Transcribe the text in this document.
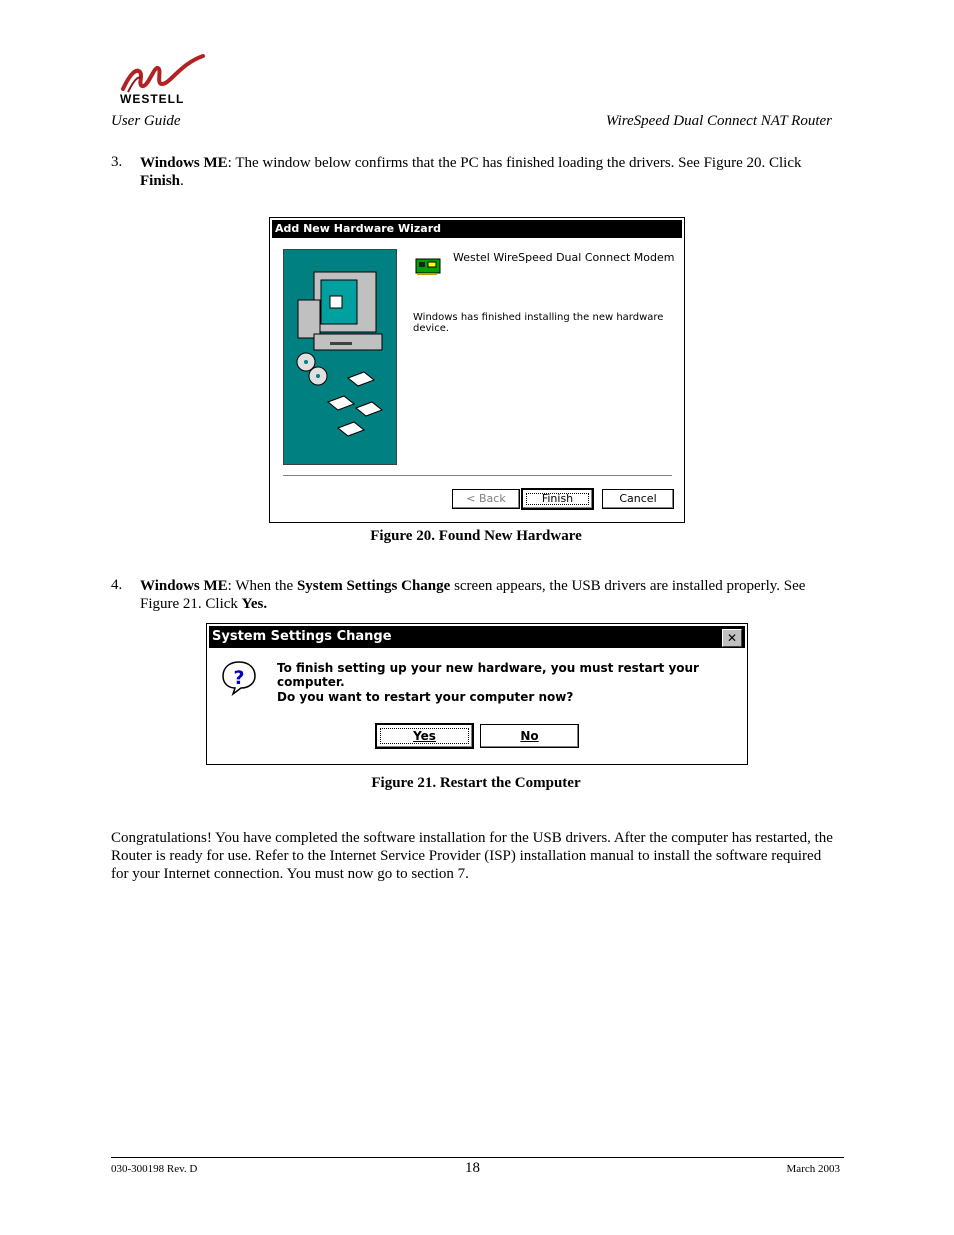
WESTELL
User Guide	WireSpeed Dual Connect NAT Router
3. Windows ME: The window below confirms that the PC has finished loading the drivers. See Figure 20. Click
Finish.
Add New Hardware Wizard
Westel WireSpeed Dual Connect Modem
Windows has finished installing the new hardware device.
< Back	Finish	Cancel
Figure 20. Found New Hardware
4. Windows ME: When the System Settings Change screen appears, the USB drivers are installed properly. See Figure 21. Click Yes.
System Settings Change	✕
?	To finish setting up your new hardware, you must restart your computer.
Do you want to restart your computer now?
Yes	No
Figure 21. Restart the Computer
Congratulations! You have completed the software installation for the USB drivers. After the computer has restarted, the Router is ready for use. Refer to the Internet Service Provider (ISP) installation manual to install the software required for your Internet connection. You must now go to section 7.
030-300198 Rev. D	18	March 2003
